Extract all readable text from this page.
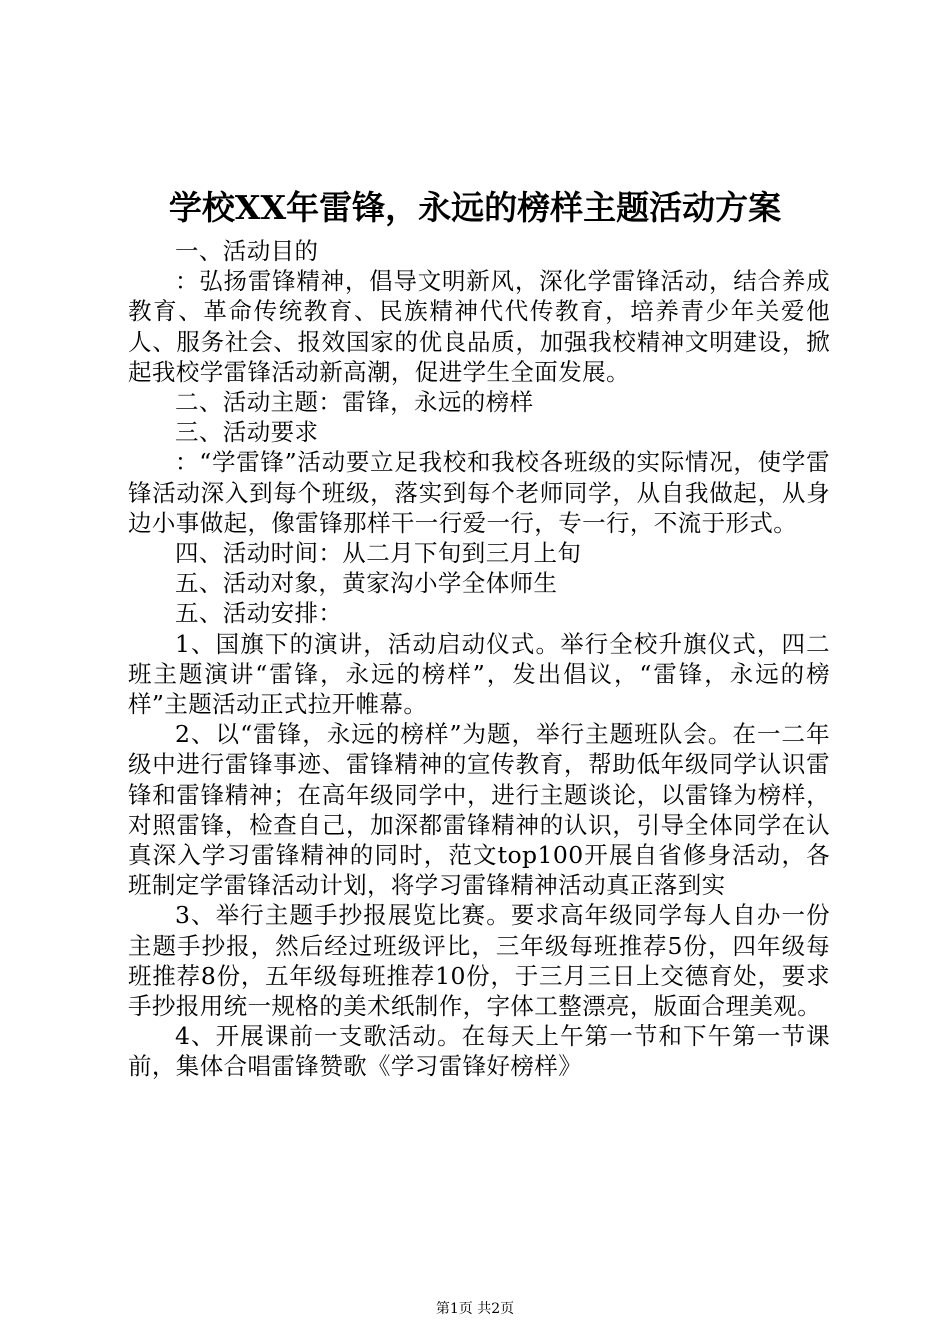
学校XX年雷锋，永远的榜样主题活动方案

一、活动目的

：弘扬雷锋精神，倡导文明新风，深化学雷锋活动，结合养成教育、革命传统教育、民族精神代代传教育，培养青少年关爱他人、服务社会、报效国家的优良品质，加强我校精神文明建设，掀起我校学雷锋活动新高潮，促进学生全面发展。

二、活动主题：雷锋，永远的榜样

三、活动要求

：“学雷锋”活动要立足我校和我校各班级的实际情况，使学雷锋活动深入到每个班级，落实到每个老师同学，从自我做起，从身边小事做起，像雷锋那样干一行爱一行，专一行，不流于形式。

四、活动时间：从二月下旬到三月上旬

五、活动对象，黄家沟小学全体师生

五、活动安排：

1、国旗下的演讲，活动启动仪式。举行全校升旗仪式，四二班主题演讲“雷锋，永远的榜样”，发出倡议，“雷锋，永远的榜样”主题活动正式拉开帷幕。

2、以“雷锋，永远的榜样”为题，举行主题班队会。在一二年级中进行雷锋事迹、雷锋精神的宣传教育，帮助低年级同学认识雷锋和雷锋精神；在高年级同学中，进行主题谈论，以雷锋为榜样，对照雷锋，检查自己，加深都雷锋精神的认识，引导全体同学在认真深入学习雷锋精神的同时，范文top100开展自省修身活动，各班制定学雷锋活动计划，将学习雷锋精神活动真正落到实

3、举行主题手抄报展览比赛。要求高年级同学每人自办一份主题手抄报，然后经过班级评比，三年级每班推荐5份，四年级每班推荐8份，五年级每班推荐10份，于三月三日上交德育处，要求手抄报用统一规格的美术纸制作，字体工整漂亮，版面合理美观。

4、开展课前一支歌活动。在每天上午第一节和下午第一节课前，集体合唱雷锋赞歌《学习雷锋好榜样》

第1页 共2页
